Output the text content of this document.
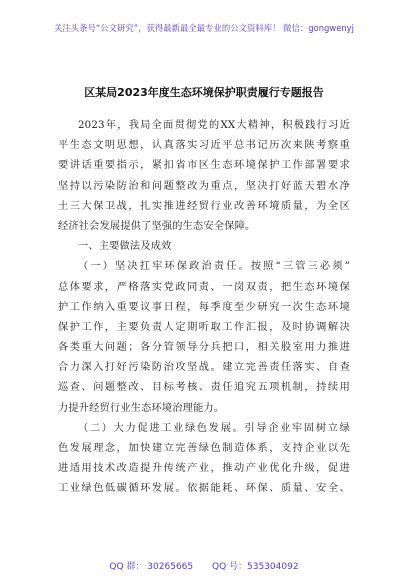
关注头条号“公文研究”，获得最新最全最专业的公文资料库！ 微信：gongwenyj
区某局2023年度生态环境保护职责履行专题报告
2023年，我局全面贯彻党的XX大精神，积极践行习近
平生态文明思想，认真落实习近平总书记历次来陕考察重
要讲话重要指示，紧扣省市区生态环境保护工作部署要求
坚持以污染防治和问题整改为重点，坚决打好蓝天碧水净
土三大保卫战，扎实推进经贸行业改善环境质量，为全区
经济社会发展提供了坚强的生态安全保障。
一、主要做法及成效
（一）坚决扛牢环保政治责任。按照“三管三必须”
总体要求，严格落实党政同责、一岗双责，把生态环境保
护工作纳入重要议事日程，每季度至少研究一次生态环境
保护工作，主要负责人定期听取工作汇报，及时协调解决
各类重大问题；各分管领导分兵把口，相关股室用力推进
合力深入打好污染防治攻坚战。建立完善责任落实、自查
巡查、问题整改、目标考核、责任追究五项机制，持续用
力提升经贸行业生态环境治理能力。
（二）大力促进工业绿色发展。引导企业牢固树立绿
色发展理念，加快建立完善绿色制造体系，支持企业以先
进适用技术改造提升传统产业，推动产业优化升级，促进
工业绿色低碳循环发展。依据能耗、环保、质量、安全、
QQ 群： 30265665 QQ 号：535304092
